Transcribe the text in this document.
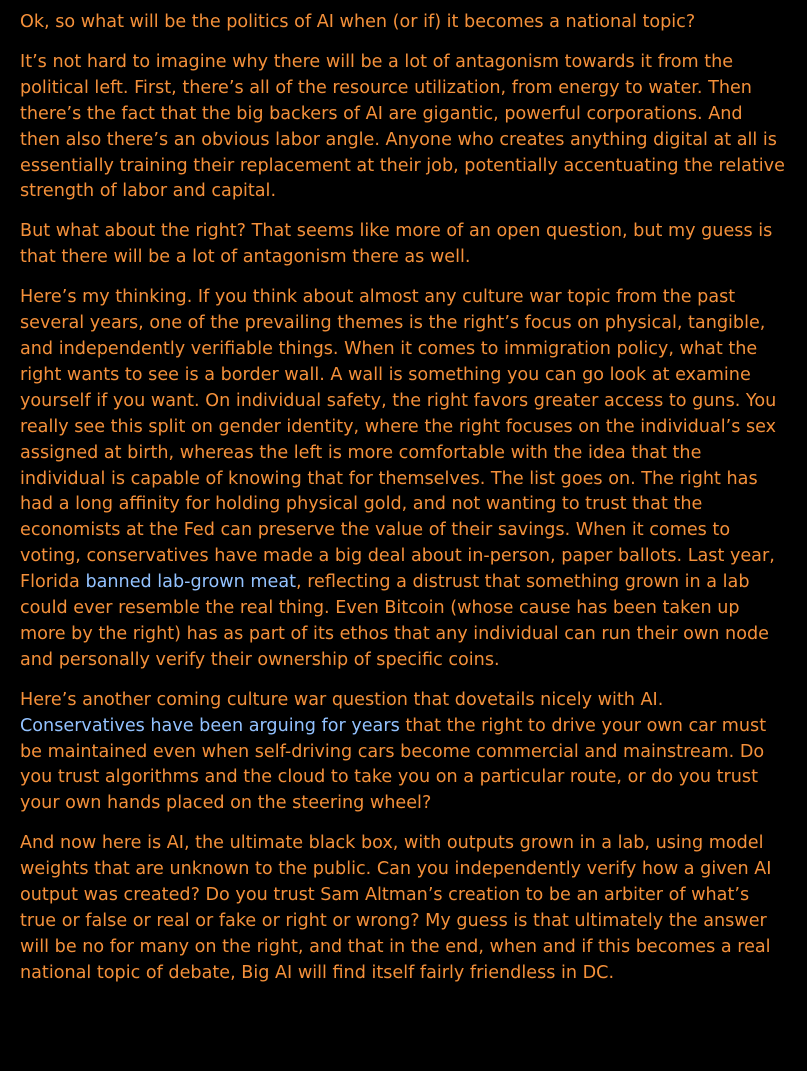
Ok, so what will be the politics of AI when (or if) it becomes a national topic?

It’s not hard to imagine why there will be a lot of antagonism towards it from the political left. First, there’s all of the resource utilization, from energy to water. Then there’s the fact that the big backers of AI are gigantic, powerful corporations. And then also there’s an obvious labor angle. Anyone who creates anything digital at all is essentially training their replacement at their job, potentially accentuating the relative strength of labor and capital.

But what about the right? That seems like more of an open question, but my guess is that there will be a lot of antagonism there as well.

Here’s my thinking. If you think about almost any culture war topic from the past several years, one of the prevailing themes is the right’s focus on physical, tangible, and independently verifiable things. When it comes to immigration policy, what the right wants to see is a border wall. A wall is something you can go look at examine yourself if you want. On individual safety, the right favors greater access to guns. You really see this split on gender identity, where the right focuses on the individual’s sex assigned at birth, whereas the left is more comfortable with the idea that the individual is capable of knowing that for themselves. The list goes on. The right has had a long affinity for holding physical gold, and not wanting to trust that the economists at the Fed can preserve the value of their savings. When it comes to voting, conservatives have made a big deal about in-person, paper ballots. Last year, Florida banned lab-grown meat, reflecting a distrust that something grown in a lab could ever resemble the real thing. Even Bitcoin (whose cause has been taken up more by the right) has as part of its ethos that any individual can run their own node and personally verify their ownership of specific coins.

Here’s another coming culture war question that dovetails nicely with AI. Conservatives have been arguing for years that the right to drive your own car must be maintained even when self-driving cars become commercial and mainstream. Do you trust algorithms and the cloud to take you on a particular route, or do you trust your own hands placed on the steering wheel?

And now here is AI, the ultimate black box, with outputs grown in a lab, using model weights that are unknown to the public. Can you independently verify how a given AI output was created? Do you trust Sam Altman’s creation to be an arbiter of what’s true or false or real or fake or right or wrong? My guess is that ultimately the answer will be no for many on the right, and that in the end, when and if this becomes a real national topic of debate, Big AI will find itself fairly friendless in DC.
